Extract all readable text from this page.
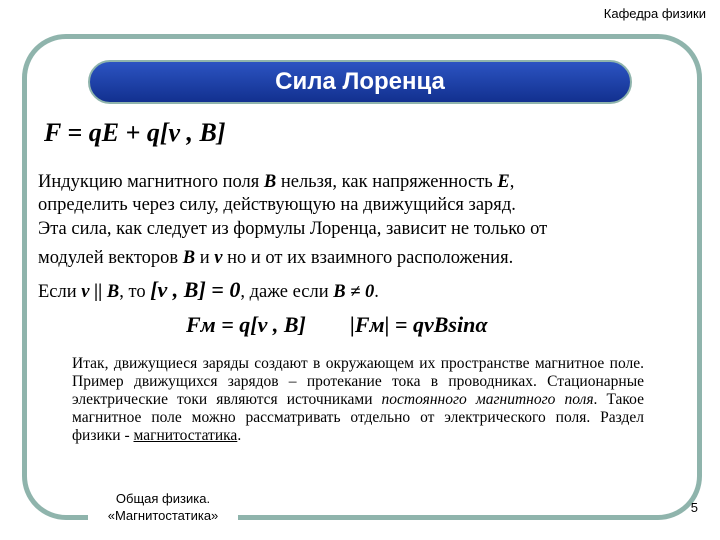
Кафедра физики
Сила Лоренца
F = qE + q[v , B]
Индукцию магнитного поля B нельзя, как напряженность E,
определить через силу, действующую на движущийся заряд.
Эта сила, как следует из формулы Лоренца, зависит не только от
модулей векторов B и v но и от их взаимного расположения.
Если v || B, то [v , B] = 0, даже если B ≠ 0.
Fм = q[v , B] |Fм| = qvBsinα
Итак, движущиеся заряды создают в окружающем их пространстве магнитное поле. Пример движущихся зарядов – протекание тока в проводниках. Стационарные электрические токи являются источниками постоянного магнитного поля. Такое магнитное поле можно рассматривать отдельно от электрического поля. Раздел физики - магнитостатика.
Общая физика.
«Магнитостатика»
5
